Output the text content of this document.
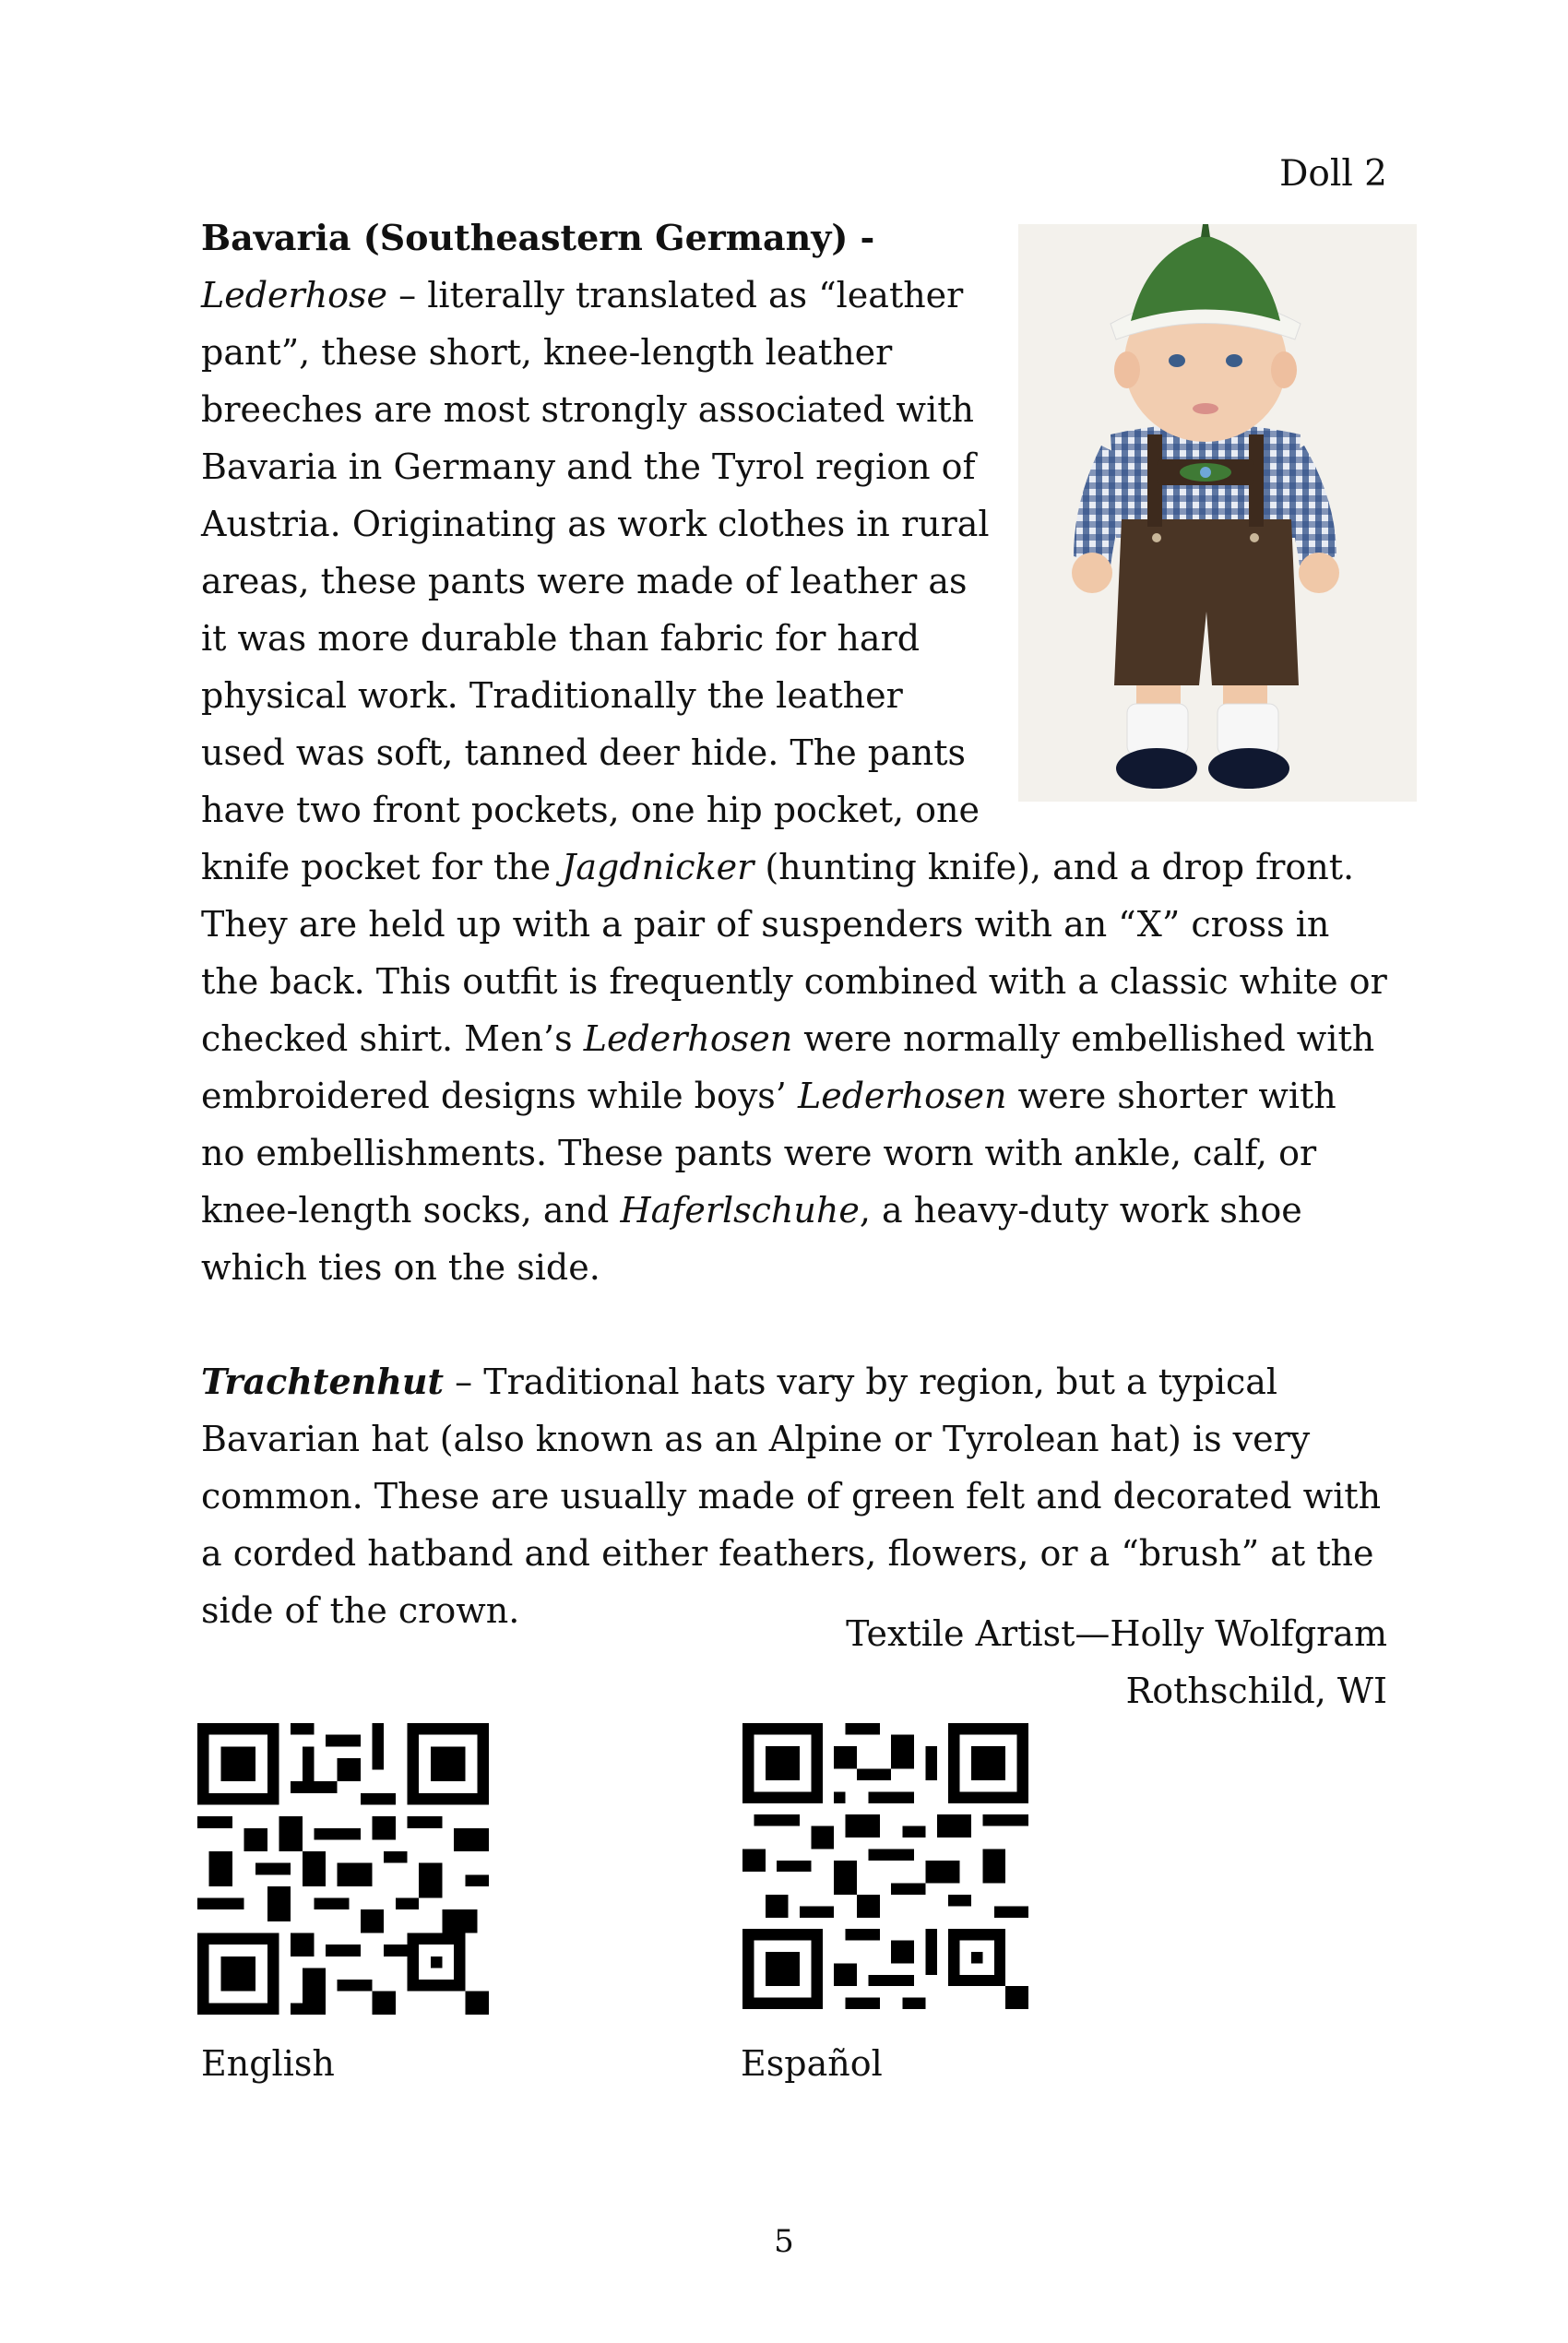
Doll 2

Bavaria (Southeastern Germany) - Lederhose – literally translated as “leather pant”, these short, knee-length leather breeches are most strongly associated with Bavaria in Germany and the Tyrol region of Austria. Originating as work clothes in rural areas, these pants were made of leather as it was more durable than fabric for hard physical work. Traditionally the leather used was soft, tanned deer hide. The pants have two front pockets, one hip pocket, one knife pocket for the Jagdnicker (hunting knife), and a drop front. They are held up with a pair of suspenders with an “X” cross in the back. This outfit is frequently combined with a classic white or checked shirt. Men’s Lederhosen were normally embellished with embroidered designs while boys’ Lederhosen were shorter with no embellishments. These pants were worn with ankle, calf, or knee-length socks, and Haferlschuhe, a heavy-duty work shoe which ties on the side.

Trachtenhut – Traditional hats vary by region, but a typical Bavarian hat (also known as an Alpine or Tyrolean hat) is very common. These are usually made of green felt and decorated with a corded hatband and either feathers, flowers, or a “brush” at the side of the crown.

Textile Artist—Holly Wolfgram
Rothschild, WI
English	Español
5
